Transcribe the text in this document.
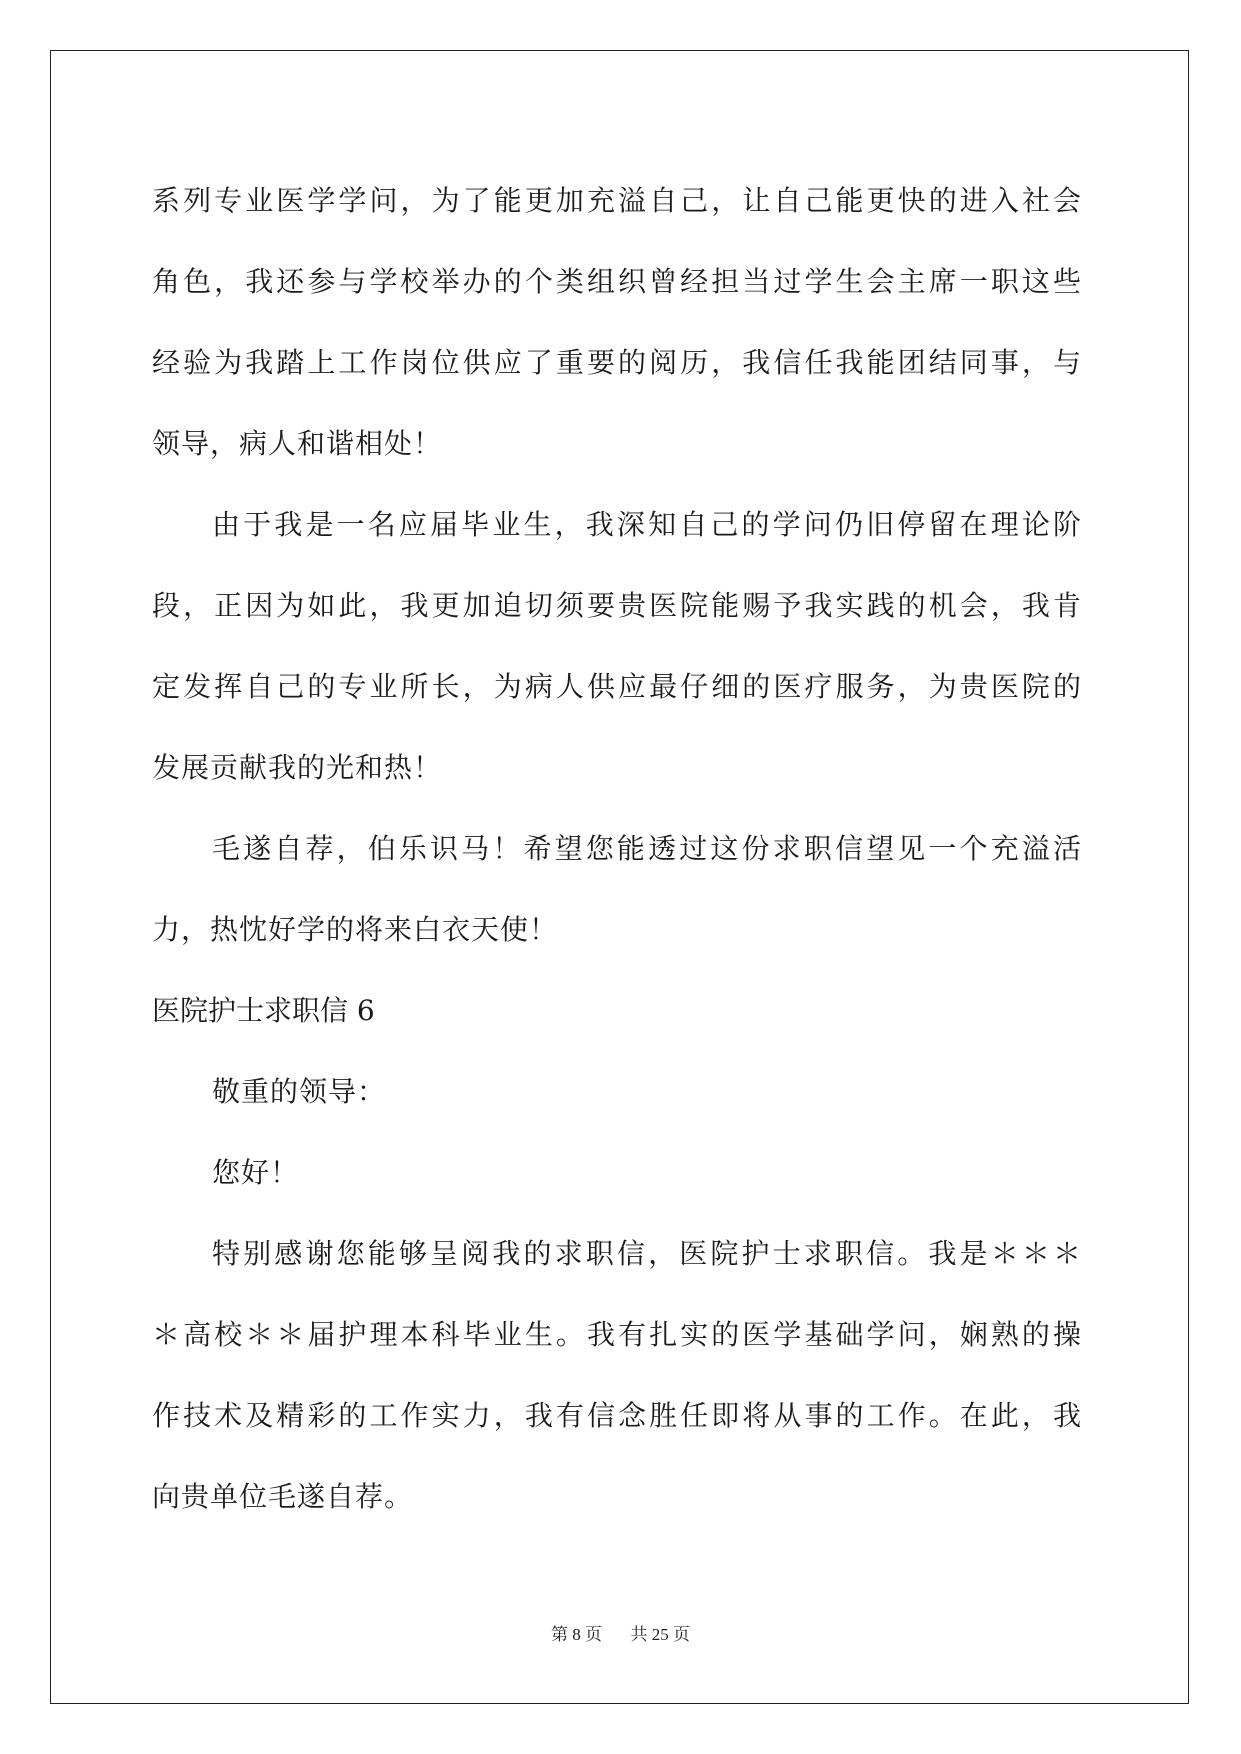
系列专业医学学问，为了能更加充溢自己，让自己能更快的进入社会
角色，我还参与学校举办的个类组织曾经担当过学生会主席一职这些
经验为我踏上工作岗位供应了重要的阅历，我信任我能团结同事，与
领导，病人和谐相处！
由于我是一名应届毕业生，我深知自己的学问仍旧停留在理论阶
段，正因为如此，我更加迫切须要贵医院能赐予我实践的机会，我肯
定发挥自己的专业所长，为病人供应最仔细的医疗服务，为贵医院的
发展贡献我的光和热！
毛遂自荐，伯乐识马！希望您能透过这份求职信望见一个充溢活
力，热忱好学的将来白衣天使！
医院护士求职信 6
敬重的领导：
您好！
特别感谢您能够呈阅我的求职信，医院护士求职信。我是＊＊＊
＊高校＊＊届护理本科毕业生。我有扎实的医学基础学问，娴熟的操
作技术及精彩的工作实力，我有信念胜任即将从事的工作。在此，我
向贵单位毛遂自荐。
第 8 页 共 25 页
